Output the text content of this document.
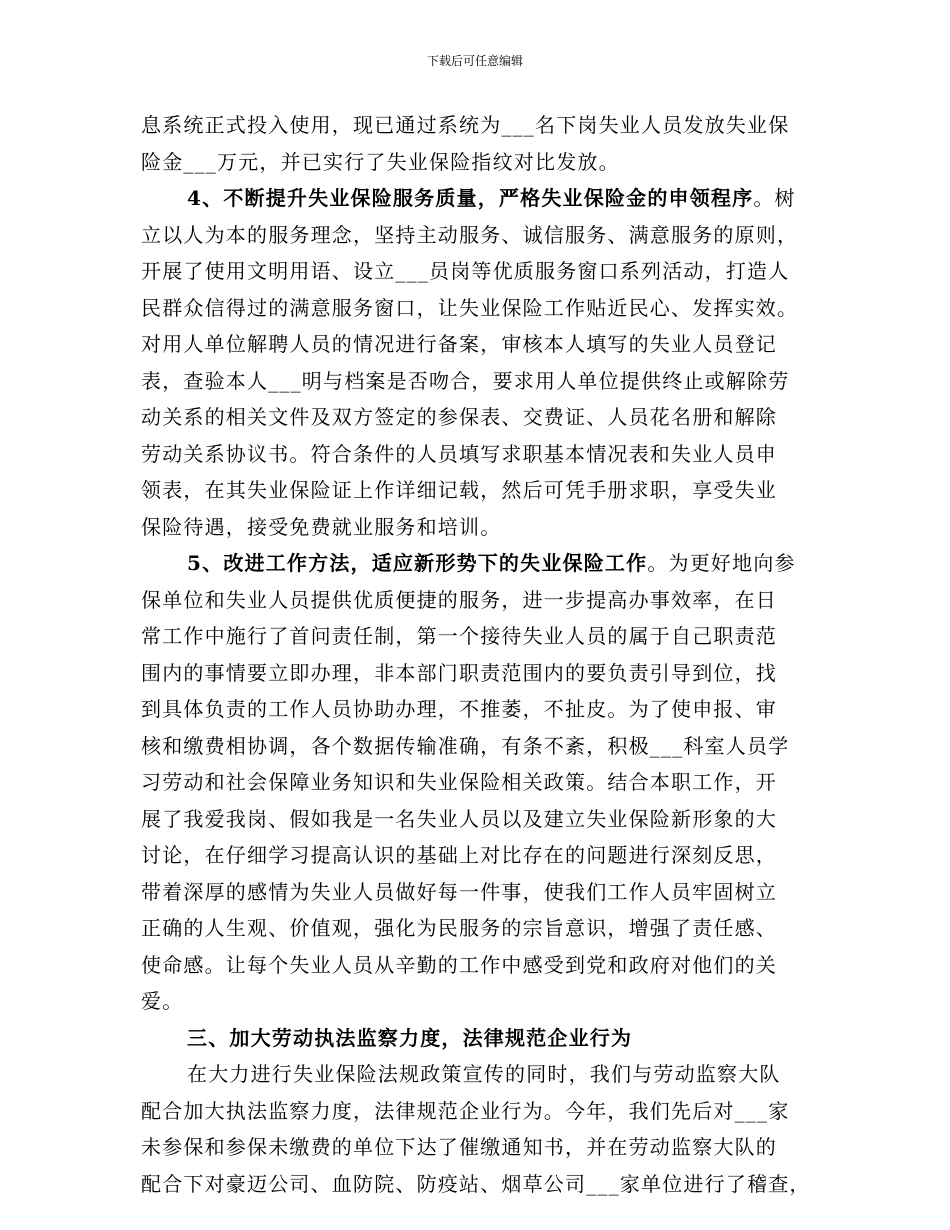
下载后可任意编辑
息系统正式投入使用，现已通过系统为___名下岗失业人员发放失业保
险金___万元，并已实行了失业保险指纹对比发放。
4、不断提升失业保险服务质量，严格失业保险金的申领程序。树
立以人为本的服务理念，坚持主动服务、诚信服务、满意服务的原则，
开展了使用文明用语、设立___员岗等优质服务窗口系列活动，打造人
民群众信得过的满意服务窗口，让失业保险工作贴近民心、发挥实效。
对用人单位解聘人员的情况进行备案，审核本人填写的失业人员登记
表，查验本人___明与档案是否吻合，要求用人单位提供终止或解除劳
动关系的相关文件及双方签定的参保表、交费证、人员花名册和解除
劳动关系协议书。符合条件的人员填写求职基本情况表和失业人员申
领表，在其失业保险证上作详细记载，然后可凭手册求职，享受失业
保险待遇，接受免费就业服务和培训。
5、改进工作方法，适应新形势下的失业保险工作。为更好地向参
保单位和失业人员提供优质便捷的服务，进一步提高办事效率，在日
常工作中施行了首问责任制，第一个接待失业人员的属于自己职责范
围内的事情要立即办理，非本部门职责范围内的要负责引导到位，找
到具体负责的工作人员协助办理，不推萎，不扯皮。为了使申报、审
核和缴费相协调，各个数据传输准确，有条不紊，积极___科室人员学
习劳动和社会保障业务知识和失业保险相关政策。结合本职工作，开
展了我爱我岗、假如我是一名失业人员以及建立失业保险新形象的大
讨论，在仔细学习提高认识的基础上对比存在的问题进行深刻反思，
带着深厚的感情为失业人员做好每一件事，使我们工作人员牢固树立
正确的人生观、价值观，强化为民服务的宗旨意识，增强了责任感、
使命感。让每个失业人员从辛勤的工作中感受到党和政府对他们的关
爱。
三、加大劳动执法监察力度，法律规范企业行为
在大力进行失业保险法规政策宣传的同时，我们与劳动监察大队
配合加大执法监察力度，法律规范企业行为。今年，我们先后对___家
未参保和参保未缴费的单位下达了催缴通知书，并在劳动监察大队的
配合下对豪迈公司、血防院、防疫站、烟草公司___家单位进行了稽查，
